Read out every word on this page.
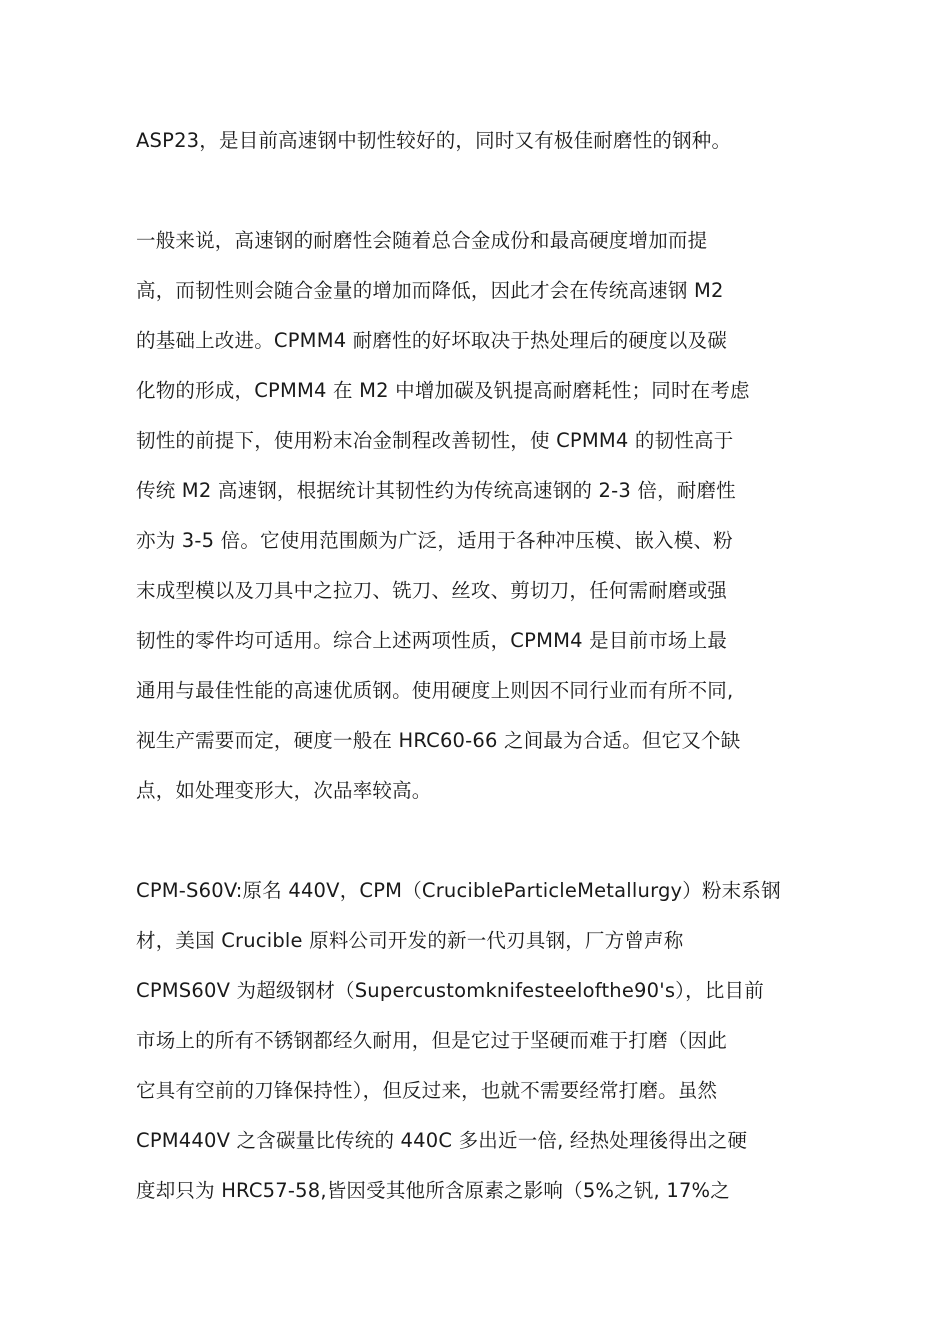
ASP23，是目前高速钢中韧性较好的，同时又有极佳耐磨性的钢种。

一般来说，高速钢的耐磨性会随着总合金成份和最高硬度增加而提
高，而韧性则会随合金量的增加而降低，因此才会在传统高速钢 M2
的基础上改进。CPMM4 耐磨性的好坏取决于热处理后的硬度以及碳
化物的形成，CPMM4 在 M2 中增加碳及钒提高耐磨耗性；同时在考虑
韧性的前提下，使用粉末冶金制程改善韧性，使 CPMM4 的韧性高于
传统 M2 高速钢，根据统计其韧性约为传统高速钢的 2-3 倍，耐磨性
亦为 3-5 倍。它使用范围颇为广泛，适用于各种冲压模、嵌入模、粉
末成型模以及刀具中之拉刀、铣刀、丝攻、剪切刀，任何需耐磨或强
韧性的零件均可适用。综合上述两项性质，CPMM4 是目前市场上最
通用与最佳性能的高速优质钢。使用硬度上则因不同行业而有所不同,
视生产需要而定，硬度一般在 HRC60-66 之间最为合适。但它又个缺
点，如处理变形大，次品率较高。

CPM-S60V:原名 440V，CPM（CrucibleParticleMetallurgy）粉末系钢
材，美国 Crucible 原料公司开发的新一代刃具钢，厂方曾声称
CPMS60V 为超级钢材（Supercustomknifesteelofthe90's），比目前
市场上的所有不锈钢都经久耐用，但是它过于坚硬而难于打磨（因此
它具有空前的刀锋保持性），但反过来，也就不需要经常打磨。虽然
CPM440V 之含碳量比传统的 440C 多出近一倍, 经热处理後得出之硬
度却只为 HRC57-58,皆因受其他所含原素之影响（5%之钒, 17%之
